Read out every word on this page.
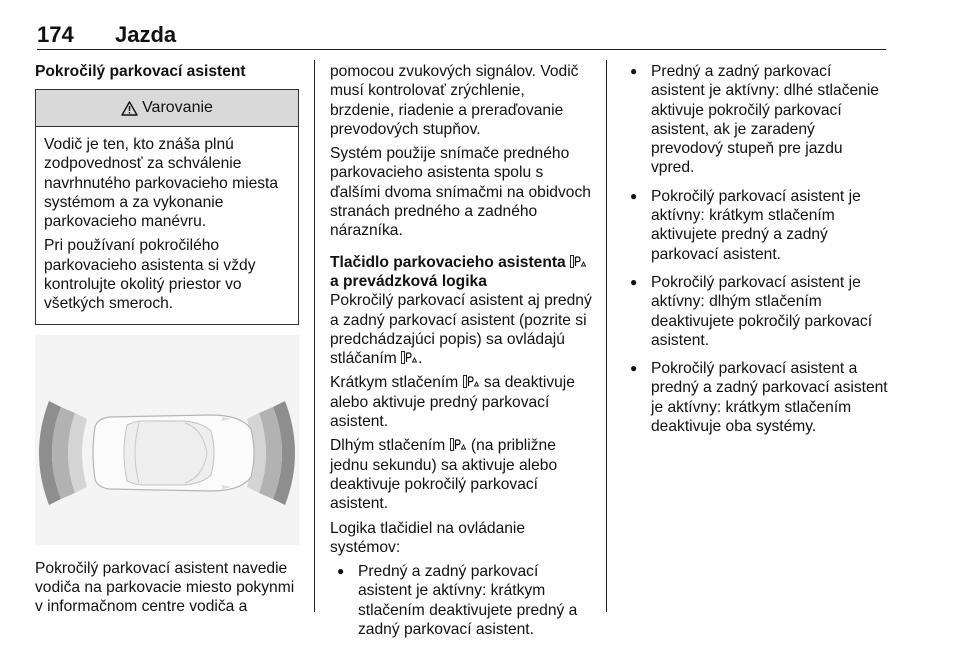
174 Jazda
Pokročilý parkovací asistent
Varovanie

Vodič je ten, kto znáša plnú zodpovednosť za schválenie navrhnutého parkovacieho miesta systémom a za vykonanie parkovacieho manévru.

Pri používaní pokročilého parkovacieho asistenta si vždy kontrolujte okolitý priestor vo všetkých smeroch.

Pokročilý parkovací asistent navedie vodiča na parkovacie miesto pokynmi v informačnom centre vodiča a

pomocou zvukových signálov. Vodič musí kontrolovať zrýchlenie, brzdenie, riadenie a preraďovanie prevodových stupňov.

Systém použije snímače predného parkovacieho asistenta spolu s ďalšími dvoma snímačmi na obidvoch stranách predného a zadného nárazníka.

Tlačidlo parkovacieho asistenta  a prevádzková logika

Pokročilý parkovací asistent aj predný a zadný parkovací asistent (pozrite si predchádzajúci popis) sa ovládajú stláčaním .

Krátkym stlačením  sa deaktivuje alebo aktivuje predný parkovací asistent.

Dlhým stlačením  (na približne jednu sekundu) sa aktivuje alebo deaktivuje pokročilý parkovací asistent.

Logika tlačidiel na ovládanie systémov:

● Predný a zadný parkovací asistent je aktívny: krátkym stlačením deaktivujete predný a zadný parkovací asistent.
● Predný a zadný parkovací asistent je aktívny: dlhé stlačenie aktivuje pokročilý parkovací asistent, ak je zaradený prevodový stupeň pre jazdu vpred.
● Pokročilý parkovací asistent je aktívny: krátkym stlačením aktivujete predný a zadný parkovací asistent.
● Pokročilý parkovací asistent je aktívny: dlhým stlačením deaktivujete pokročilý parkovací asistent.
● Pokročilý parkovací asistent a predný a zadný parkovací asistent je aktívny: krátkym stlačením deaktivuje oba systémy.
